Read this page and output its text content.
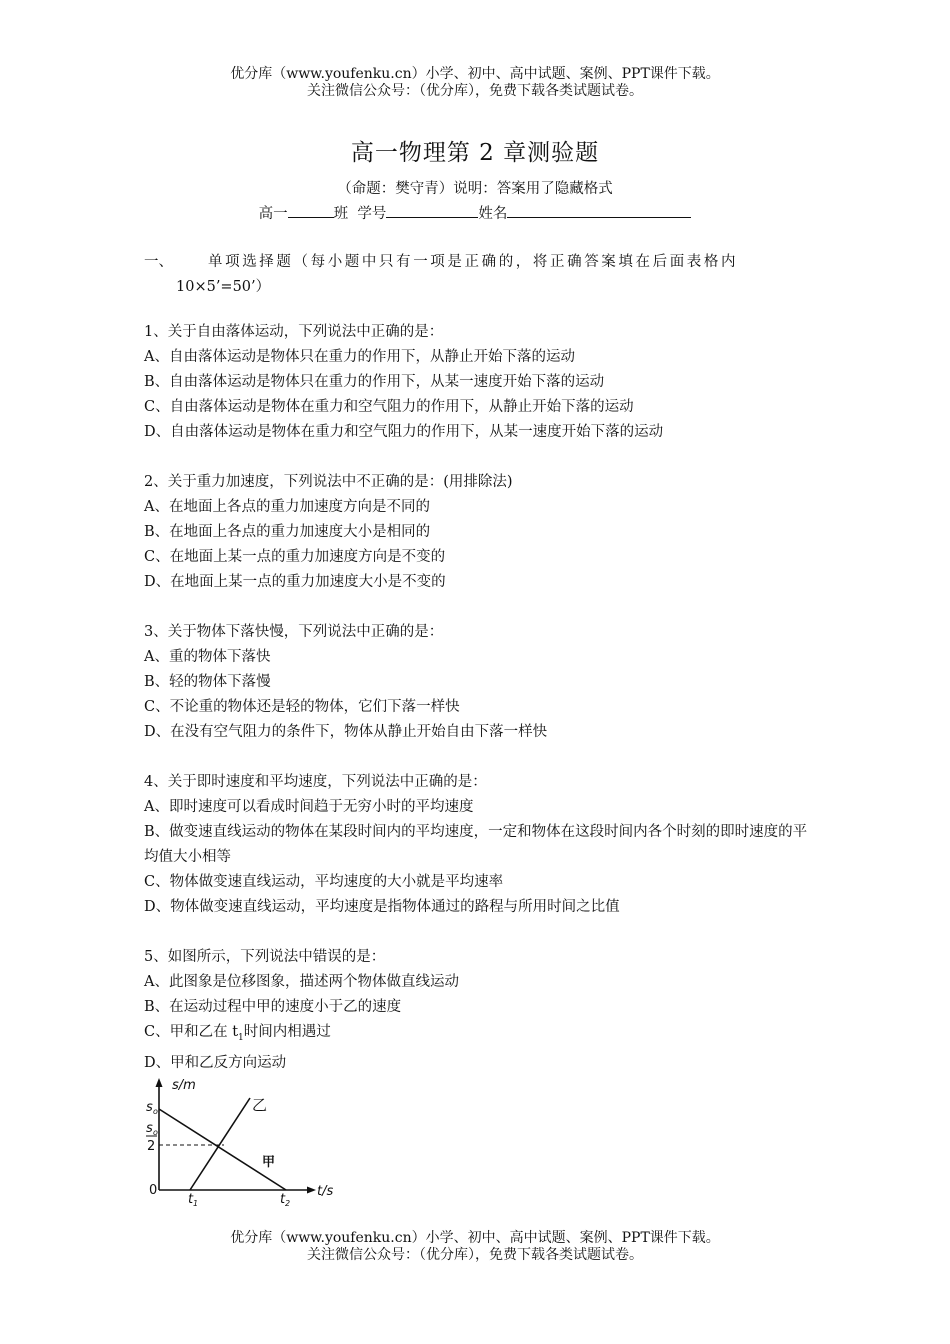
优分库（www.youfenku.cn）小学、初中、高中试题、案例、PPT课件下载。
关注微信公众号：（优分库），免费下载各类试题试卷。
高一物理第 2 章测验题
（命题：樊守青）说明：答案用了隐藏格式
高一	班 学号	姓名
一、 单项选择题（每小题中只有一项是正确的，将正确答案填在后面表格内
10×5’=50’）
1、关于自由落体运动，下列说法中正确的是：
A、自由落体运动是物体只在重力的作用下，从静止开始下落的运动
B、自由落体运动是物体只在重力的作用下，从某一速度开始下落的运动
C、自由落体运动是物体在重力和空气阻力的作用下，从静止开始下落的运动
D、自由落体运动是物体在重力和空气阻力的作用下，从某一速度开始下落的运动
2、关于重力加速度，下列说法中不正确的是：(用排除法)
A、在地面上各点的重力加速度方向是不同的
B、在地面上各点的重力加速度大小是相同的
C、在地面上某一点的重力加速度方向是不变的
D、在地面上某一点的重力加速度大小是不变的
3、关于物体下落快慢，下列说法中正确的是：
A、重的物体下落快
B、轻的物体下落慢
C、不论重的物体还是轻的物体，它们下落一样快
D、在没有空气阻力的条件下，物体从静止开始自由下落一样快
4、关于即时速度和平均速度，下列说法中正确的是：
A、即时速度可以看成时间趋于无穷小时的平均速度
B、做变速直线运动的物体在某段时间内的平均速度，一定和物体在这段时间内各个时刻的即时速度的平均值大小相等
C、物体做变速直线运动，平均速度的大小就是平均速率
D、物体做变速直线运动，平均速度是指物体通过的路程与所用时间之比值
5、如图所示，下列说法中错误的是：
A、此图象是位移图象，描述两个物体做直线运动
B、在运动过程中甲的速度小于乙的速度
C、甲和乙在 $t_1$时间内相遇过
D、甲和乙反方向运动
s/m
t/s
s o
s o
2
0
t 1	t 2
乙
甲
优分库（www.youfenku.cn）小学、初中、高中试题、案例、PPT课件下载。
关注微信公众号：（优分库），免费下载各类试题试卷。
